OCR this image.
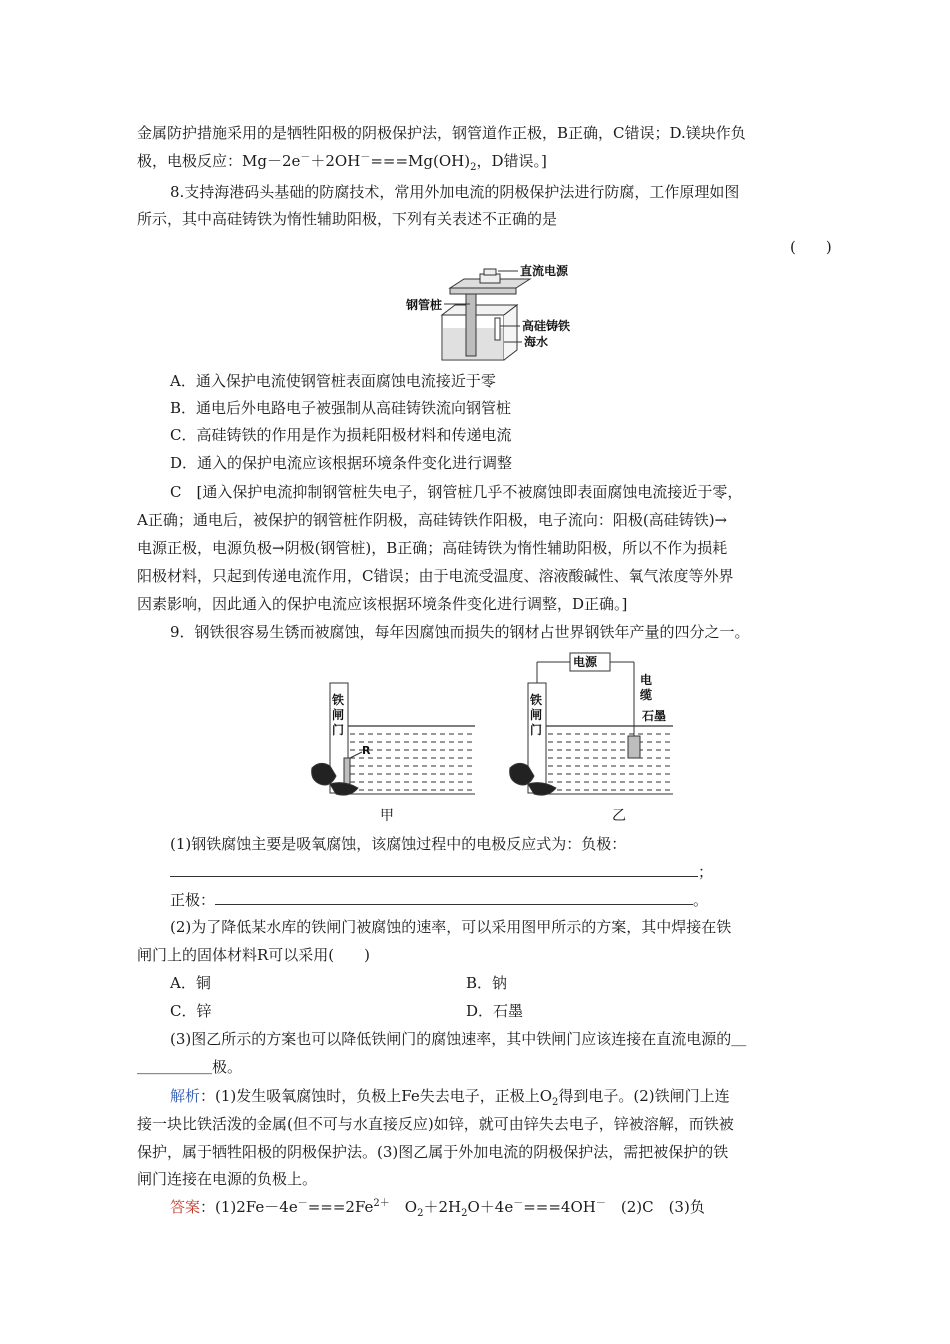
金属防护措施采用的是牺牲阳极的阴极保护法，钢管道作正极，B正确，C错误；D.镁块作负
极，电极反应：$Mg-2e^-+2OH^-===Mg(OH)_2$，D错误。]
8.支持海港码头基础的防腐技术，常用外加电流的阴极保护法进行防腐，工作原理如图
所示，其中高硅铸铁为惰性辅助阳极，下列有关表述不正确的是
(　　)
直流电源
钢管桩
高硅铸铁
海水
A．通入保护电流使钢管桩表面腐蚀电流接近于零
B．通电后外电路电子被强制从高硅铸铁流向钢管桩
C．高硅铸铁的作用是作为损耗阳极材料和传递电流
D．通入的保护电流应该根据环境条件变化进行调整
C　[通入保护电流抑制钢管桩失电子，钢管桩几乎不被腐蚀即表面腐蚀电流接近于零，
A正确；通电后，被保护的钢管桩作阴极，高硅铸铁作阳极，电子流向：阳极(高硅铸铁)→
电源正极，电源负极→阴极(钢管桩)，B正确；高硅铸铁为惰性辅助阳极，所以不作为损耗
阳极材料，只起到传递电流作用，C错误；由于电流受温度、溶液酸碱性、氧气浓度等外界
因素影响，因此通入的保护电流应该根据环境条件变化进行调整，D正确。]
9．钢铁很容易生锈而被腐蚀，每年因腐蚀而损失的钢材占世界钢铁年产量的四分之一。
铁
闸
门
R
甲
电源
电
缆
石墨
铁
闸
门
乙
(1)钢铁腐蚀主要是吸氧腐蚀，该腐蚀过程中的电极反应式为：负极：
；
正极：	。
(2)为了降低某水库的铁闸门被腐蚀的速率，可以采用图甲所示的方案，其中焊接在铁
闸门上的固体材料R可以采用(　　)
A．铜	B．钠
C．锌	D．石墨
(3)图乙所示的方案也可以降低铁闸门的腐蚀速率，其中铁闸门应该连接在直流电源的＿
＿＿＿＿＿极。
解析：(1)发生吸氧腐蚀时，负极上Fe失去电子，正极上$O_2$得到电子。(2)铁闸门上连
接一块比铁活泼的金属(但不可与水直接反应)如锌，就可由锌失去电子，锌被溶解，而铁被
保护，属于牺牲阳极的阴极保护法。(3)图乙属于外加电流的阴极保护法，需把被保护的铁
闸门连接在电源的负极上。
答案：$(1)2Fe-4e^-===2Fe^{2+}$　$O_2+2H_2O+4e^-===4OH^-$　(2)C　(3)负
